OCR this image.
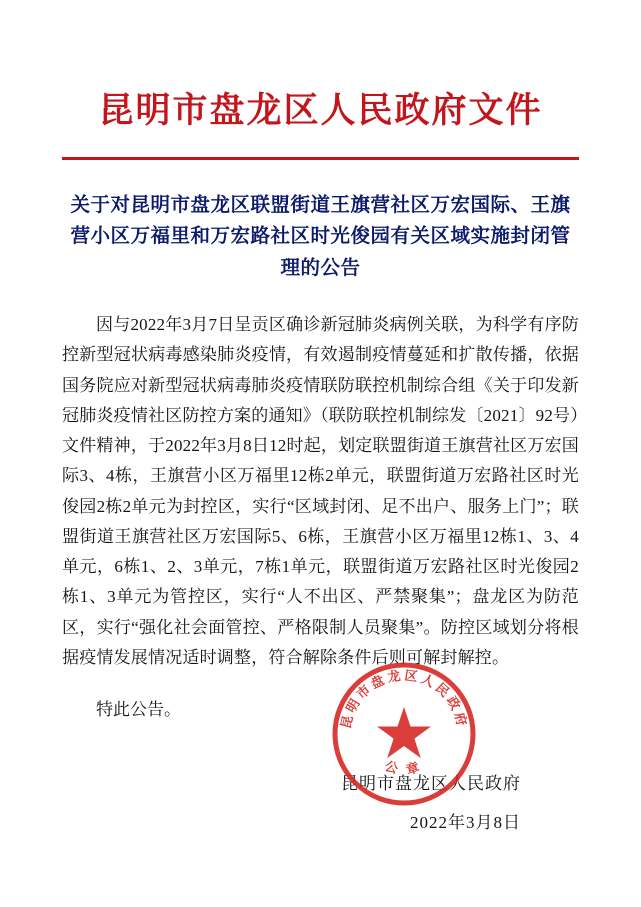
昆明市盘龙区人民政府文件
关于对昆明市盘龙区联盟街道王旗营社区万宏国际、王旗营小区万福里和万宏路社区时光俊园有关区域实施封闭管理的公告

因与2022年3月7日呈贡区确诊新冠肺炎病例关联，为科学有序防控新型冠状病毒感染肺炎疫情，有效遏制疫情蔓延和扩散传播，依据国务院应对新型冠状病毒肺炎疫情联防联控机制综合组《关于印发新冠肺炎疫情社区防控方案的通知》（联防联控机制综发〔2021〕92号）文件精神，于2022年3月8日12时起，划定联盟街道王旗营社区万宏国际3、4栋，王旗营小区万福里12栋2单元，联盟街道万宏路社区时光俊园2栋2单元为封控区，实行“区域封闭、足不出户、服务上门”；联盟街道王旗营社区万宏国际5、6栋，王旗营小区万福里12栋1、3、4单元，6栋1、2、3单元，7栋1单元，联盟街道万宏路社区时光俊园2栋1、3单元为管控区，实行“人不出区、严禁聚集”；盘龙区为防范区，实行“强化社会面管控、严格限制人员聚集”。防控区域划分将根据疫情发展情况适时调整，符合解除条件后则可解封解控。

特此公告。
昆明市盘龙区人民政府
2022年3月8日
昆明市盘龙区人民政府
公 章
